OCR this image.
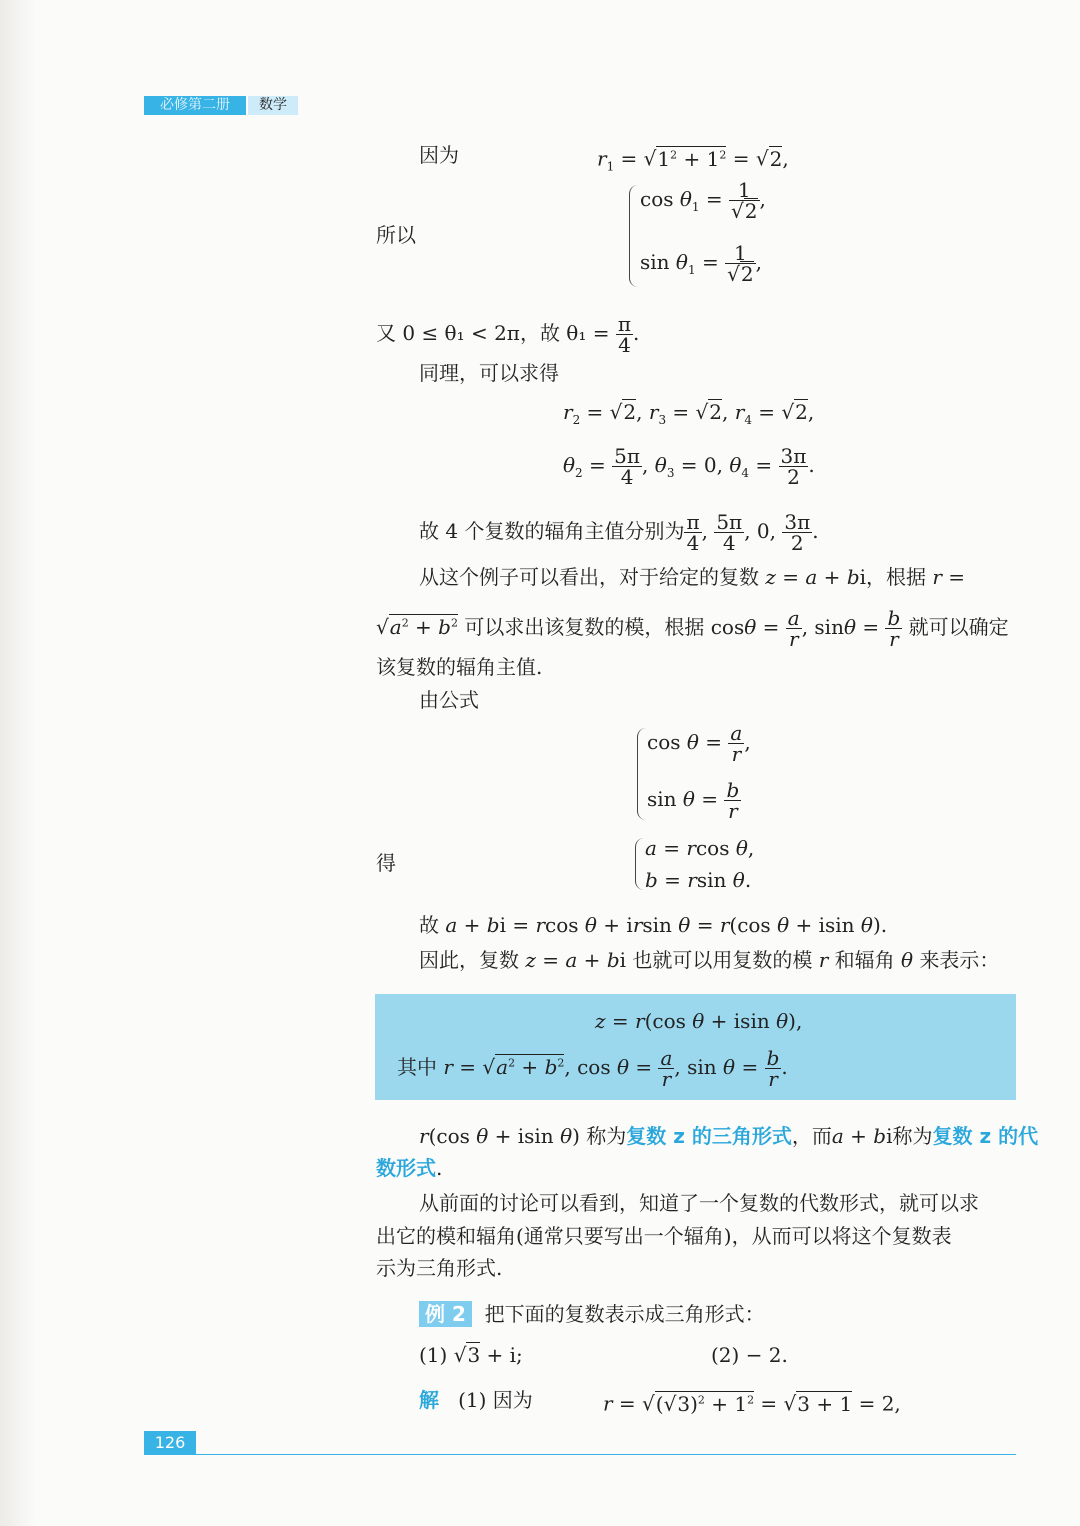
必修第二册	数学
因为	$r_1 = √1^2 + 1^2 = √2$,
所以
$\cos \theta_1 = \frac{1}{√2}$ ,
$\sin \theta_1 = \frac{1}{√2}$ ,
又 0 ≤ θ₁ < 2π，故 $\theta_1 = \frac{\pi}{4}$ .
同理，可以求得
$r_2 = √2$, $r_3 = √2$, $r_4 = √2$,
$\theta_2 = \frac{5\pi}{4}$ , $\theta_3 = 0$, $\theta_4 = \frac{3\pi}{2}$ .
故 4 个复数的辐角主值分别为 $\frac{\pi}{4}$ , $\frac{5\pi}{4}$ , 0, $\frac{3\pi}{2}$ .
从这个例子可以看出，对于给定的复数 z = a + bi，根据 r =
$√a^2 + b^2$ 可以求出该复数的模，根据 $\cos\theta = \frac{a}{r}$ , $\sin\theta = \frac{b}{r}$ 就可以确定
该复数的辐角主值.
由公式
$\cos \theta = \frac{a}{r}$ ,
$\sin \theta = \frac{b}{r}$
得
a = rcos θ,
b = rsin θ.
故 a + bi = rcos θ + irsin θ = r(cos θ + isin θ).
因此，复数 z = a + bi 也就可以用复数的模 r 和辐角 θ 来表示：
z = r(cos θ + isin θ),
其中 $r = √a^2 + b^2$, $\cos \theta = \frac{a}{r}$ , $\sin \theta = \frac{b}{r}$ .
r(cos θ + isin θ) 称为复数 z 的三角形式，而a + bi称为复数 z 的代
数形式.
从前面的讨论可以看到，知道了一个复数的代数形式，就可以求
出它的模和辐角(通常只要写出一个辐角)，从而可以将这个复数表
示为三角形式.
例 2 把下面的复数表示成三角形式：
(1) √3 + i;	(2) − 2.
解 (1) 因为	$r = √(√3)^2 + 1^2 = √3 + 1 = 2$,
126
